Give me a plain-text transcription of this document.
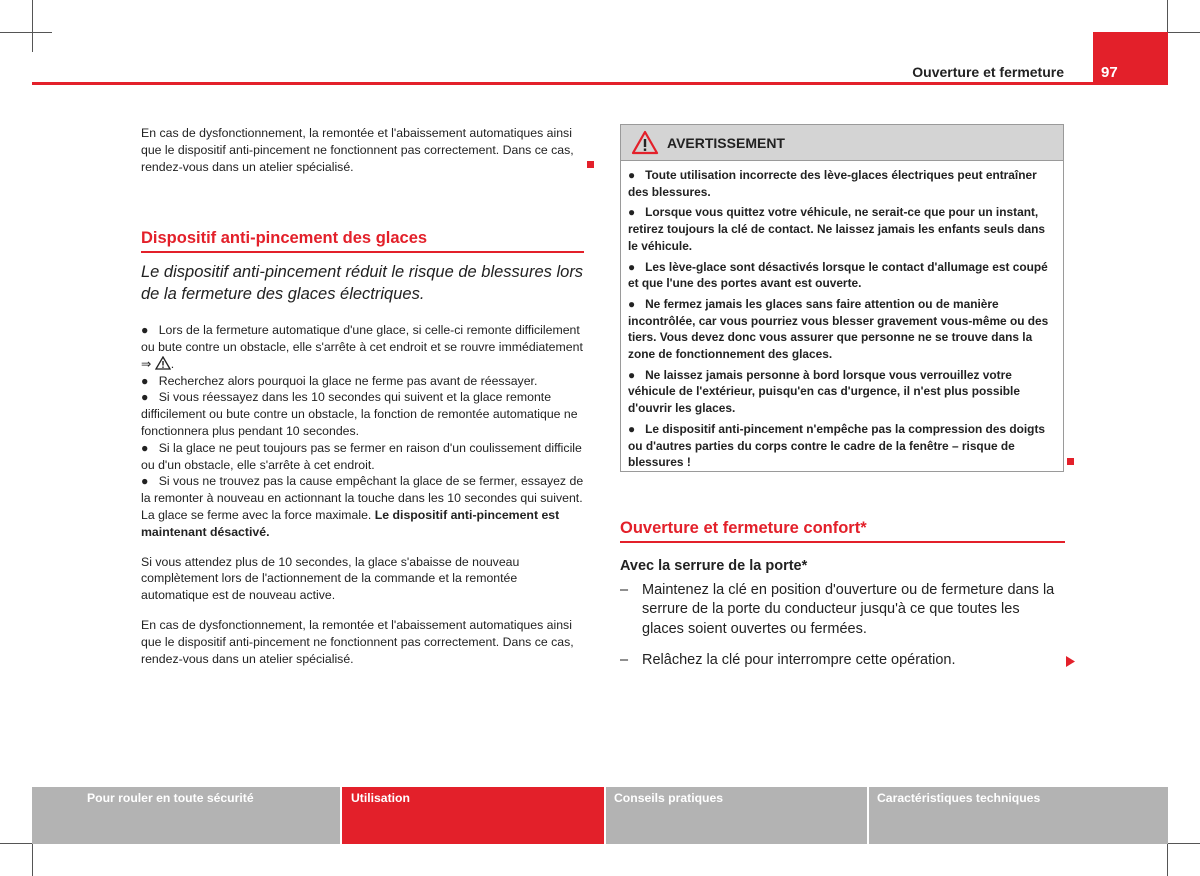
97
Ouverture et fermeture

En cas de dysfonctionnement, la remontée et l'abaissement automatiques ainsi que le dispositif anti-pincement ne fonctionnent pas correctement. Dans ce cas, rendez-vous dans un atelier spécialisé.

Dispositif anti-pincement des glaces
Le dispositif anti-pincement réduit le risque de blessures lors de la fermeture des glaces électriques.

●   Lors de la fermeture automatique d'une glace, si celle-ci remonte difficilement ou bute contre un obstacle, elle s'arrête à cet endroit et se rouvre immédiatement ⇒ .

●   Recherchez alors pourquoi la glace ne ferme pas avant de réessayer.

●   Si vous réessayez dans les 10 secondes qui suivent et la glace remonte difficilement ou bute contre un obstacle, la fonction de remontée automatique ne fonctionnera plus pendant 10 secondes.

●   Si la glace ne peut toujours pas se fermer en raison d'un coulissement difficile ou d'un obstacle, elle s'arrête à cet endroit.

●   Si vous ne trouvez pas la cause empêchant la glace de se fermer, essayez de la remonter à nouveau en actionnant la touche dans les 10 secondes qui suivent. La glace se ferme avec la force maximale. Le dispositif anti-pincement est maintenant désactivé.

Si vous attendez plus de 10 secondes, la glace s'abaisse de nouveau complètement lors de l'actionnement de la commande et la remontée automatique est de nouveau active.

En cas de dysfonctionnement, la remontée et l'abaissement automatiques ainsi que le dispositif anti-pincement ne fonctionnent pas correctement. Dans ce cas, rendez-vous dans un atelier spécialisé.

AVERTISSEMENT

●   Toute utilisation incorrecte des lève-glaces électriques peut entraîner des blessures.

●   Lorsque vous quittez votre véhicule, ne serait-ce que pour un instant, retirez toujours la clé de contact. Ne laissez jamais les enfants seuls dans le véhicule.

●   Les lève-glace sont désactivés lorsque le contact d'allumage est coupé et que l'une des portes avant est ouverte.

●   Ne fermez jamais les glaces sans faire attention ou de manière incontrôlée, car vous pourriez vous blesser gravement vous-même ou des tiers. Vous devez donc vous assurer que personne ne se trouve dans la zone de fonctionnement des glaces.

●   Ne laissez jamais personne à bord lorsque vous verrouillez votre véhicule de l'extérieur, puisqu'en cas d'urgence, il n'est plus possible d'ouvrir les glaces.

●   Le dispositif anti-pincement n'empêche pas la compression des doigts ou d'autres parties du corps contre le cadre de la fenêtre – risque de blessures !

Ouverture et fermeture confort*
Avec la serrure de la porte*
– Maintenez la clé en position d'ouverture ou de fermeture dans la serrure de la porte du conducteur jusqu'à ce que toutes les glaces soient ouvertes ou fermées.
– Relâchez la clé pour interrompre cette opération.
Pour rouler en toute sécurité	Utilisation	Conseils pratiques	Caractéristiques techniques
